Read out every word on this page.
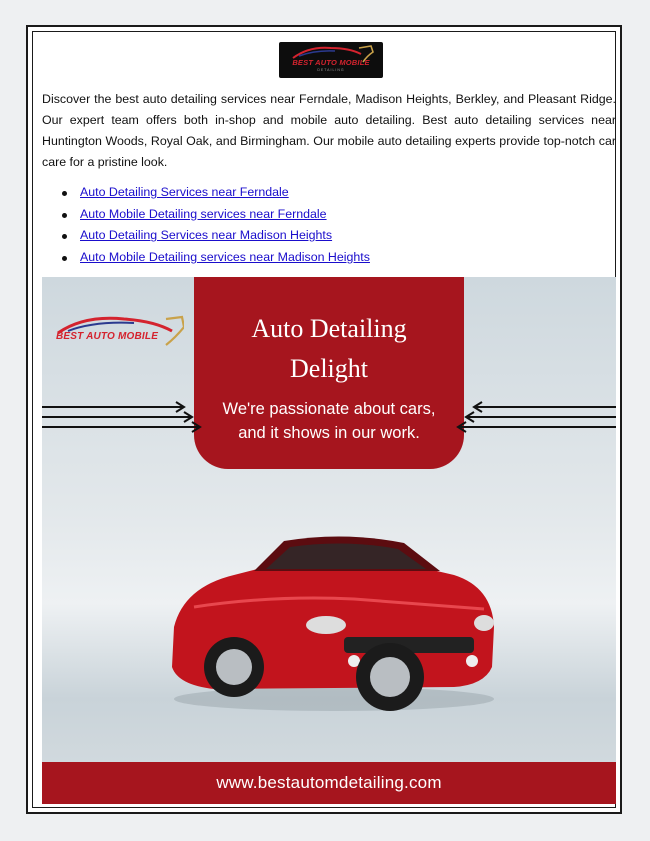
BEST AUTO MOBILE
DETAILING

Discover the best auto detailing services near Ferndale, Madison Heights, Berkley, and Pleasant Ridge. Our expert team offers both in-shop and mobile auto detailing. Best auto detailing services near Huntington Woods, Royal Oak, and Birmingham. Our mobile auto detailing experts provide top-notch car care for a pristine look.

Auto Detailing Services near Ferndale
Auto Mobile Detailing services near Ferndale
Auto Detailing Services near Madison Heights
Auto Mobile Detailing services near Madison Heights
BEST AUTO MOBILE	Auto Detailing
Delight
We're passionate about cars, and it shows in our work.
www.bestautomdetailing.com
